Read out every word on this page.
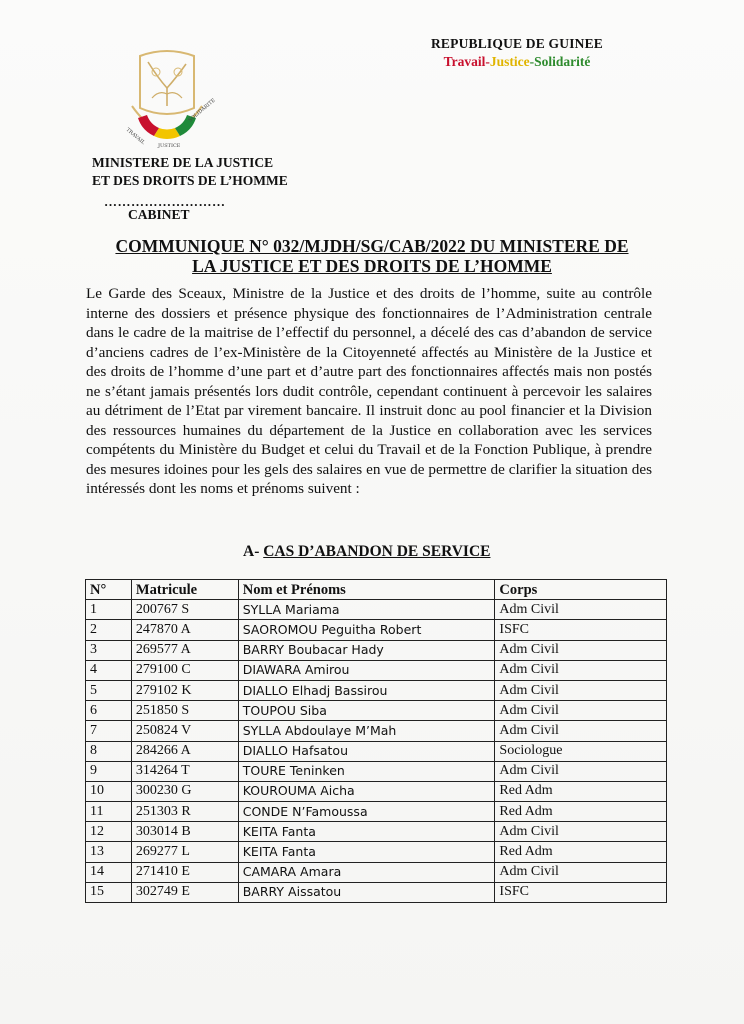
TRAVAIL JUSTICE
SOLIDARITE
REPUBLIQUE DE GUINEE
Travail-Justice-Solidarité
MINISTERE DE LA JUSTICE
ET DES DROITS DE L’HOMME
………………………
CABINET
COMMUNIQUE N° 032/MJDH/SG/CAB/2022 DU MINISTERE DE
LA JUSTICE ET DES DROITS DE L’HOMME
Le Garde des Sceaux, Ministre de la Justice et des droits de l’homme, suite au contrôle interne des dossiers et présence physique des fonctionnaires de l’Administration centrale dans le cadre de la maitrise de l’effectif du personnel, a décelé des cas d’abandon de service d’anciens cadres de l’ex-Ministère de la Citoyenneté affectés au Ministère de la Justice et des droits de l’homme d’une part et d’autre part des fonctionnaires affectés mais non postés ne s’étant jamais présentés lors dudit contrôle, cependant continuent à percevoir les salaires au détriment de l’Etat par virement bancaire. Il instruit donc au pool financier et la Division des ressources humaines du département de la Justice en collaboration avec les services compétents du Ministère du Budget et celui du Travail et de la Fonction Publique, à prendre des mesures idoines pour les gels des salaires en vue de permettre de clarifier la situation des intéressés dont les noms et prénoms suivent :
A- CAS D’ABANDON DE SERVICE
N°	Matricule	Nom et Prénoms	Corps
1	200767 S	SYLLA Mariama	Adm Civil
2	247870 A	SAOROMOU Peguitha Robert	ISFC
3	269577 A	BARRY Boubacar Hady	Adm Civil
4	279100 C	DIAWARA Amirou	Adm Civil
5	279102 K	DIALLO Elhadj Bassirou	Adm Civil
6	251850 S	TOUPOU Siba	Adm Civil
7	250824 V	SYLLA Abdoulaye M’Mah	Adm Civil
8	284266 A	DIALLO Hafsatou	Sociologue
9	314264 T	TOURE Teninken	Adm Civil
10	300230 G	KOUROUMA Aicha	Red Adm
11	251303 R	CONDE N’Famoussa	Red Adm
12	303014 B	KEITA Fanta	Adm Civil
13	269277 L	KEITA Fanta	Red Adm
14	271410 E	CAMARA Amara	Adm Civil
15	302749 E	BARRY Aissatou	ISFC
